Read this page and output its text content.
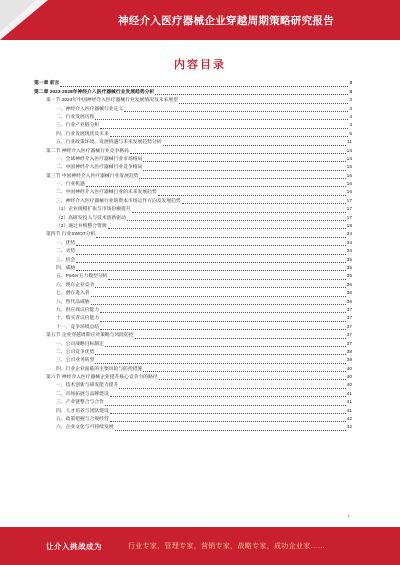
神经介入医疗器械企业穿越周期策略研究报告
内容目录
第一章 前言	3
第二章 2023-2028年神经介入医疗器械行业发展趋势分析	3
第一节 2023年中国神经介入医疗器械行业发展情况及未来展望	3
一、神经介入医疗器械行业定义	3
二、行业发展历程	4
三、行业产业链分析	4
四、行业发展现状及未来	5
五、行业政策环境、发展机遇与未来发展趋势分析	11
第二节 神经介入医疗器械行业竞争格局	14
一、全球神经介入医疗器械行业市场格局	14
二、中国神经介入医疗器械行业竞争格局	15
第三节 中国神经介入医疗器械行业发展趋势	16
一、行业机遇	16
二、中国神经介入医疗器械行业的未来发展趋势	16
三、神经介入医疗器械行业的资本市场运作方向及发展趋势	17
（1）企业规模扩张与市场份额提升	17
（2）高研发投入与技术创新驱动	17
（3）通过并购整合资源	18
第四节 行业SWOT分析	34
一、优势	34
二、劣势	34
三、机会	35
四、威胁	35
五、Porter五力模型分析	35
六、现有企业竞争	36
七、潜在进入者	36
八、替代品威胁	36
九、供应商议价能力	37
十、购买者议价能力	37
十一、竞争环境总结	37
第五节 企业穿越周期应对策略与风险防控	37
一、公司战略目标制定	37
二、公司竞争优势	38
三、公司业务转型	39
四、行业企业面临的主要风险与防控措施	40
第六节 神经介入医疗器械企业提升核心竞争力的路径	40
一、技术创新与研发能力提升	40
二、市场拓展与品牌建设	41
三、产业链整合与合作	41
四、人才培养与团队建设	41
五、政策把握与合规经营	42
六、企业文化与可持续发展	42
1
让介入挑战成为	行业专家，管理专家，营销专家，战略专家，成功企业家……
